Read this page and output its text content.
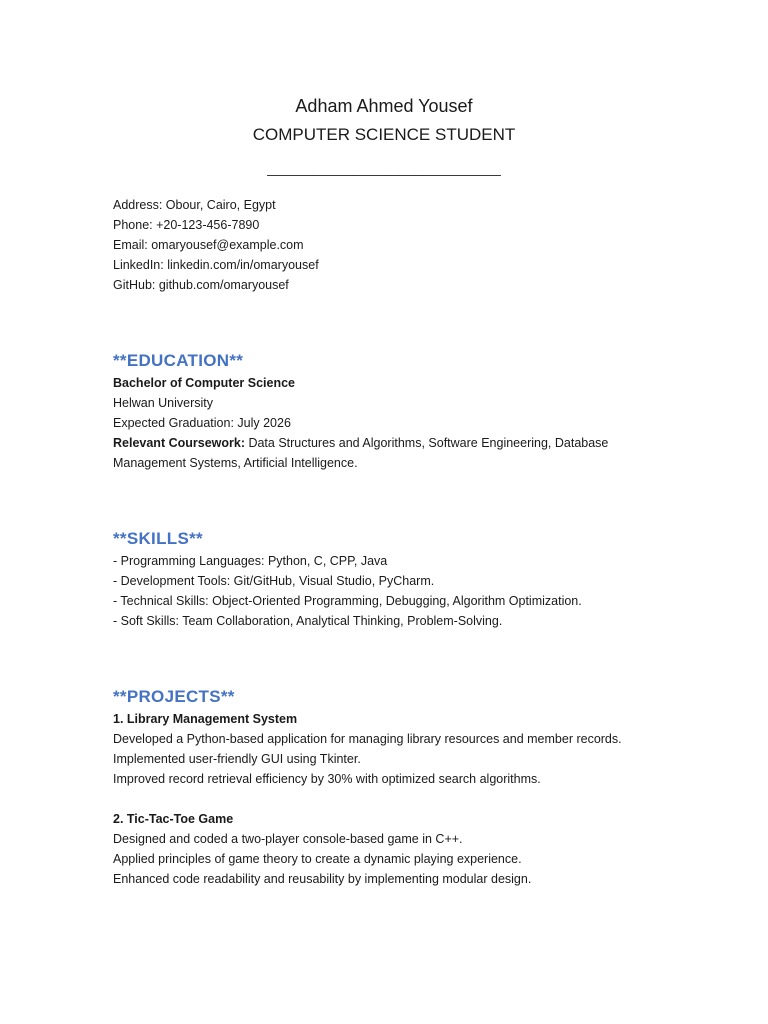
Adham Ahmed Yousef
COMPUTER SCIENCE STUDENT
______________________________
Address: Obour, Cairo, Egypt
Phone: +20-123-456-7890
Email: omaryousef@example.com
LinkedIn: linkedin.com/in/omaryousef
GitHub: github.com/omaryousef
**EDUCATION**
Bachelor of Computer Science
Helwan University
Expected Graduation: July 2026
Relevant Coursework: Data Structures and Algorithms, Software Engineering, Database
Management Systems, Artificial Intelligence.
**SKILLS**
- Programming Languages: Python, C, CPP, Java
- Development Tools: Git/GitHub, Visual Studio, PyCharm.
- Technical Skills: Object-Oriented Programming, Debugging, Algorithm Optimization.
- Soft Skills: Team Collaboration, Analytical Thinking, Problem-Solving.
**PROJECTS**
1. Library Management System
Developed a Python-based application for managing library resources and member records.
Implemented user-friendly GUI using Tkinter.
Improved record retrieval efficiency by 30% with optimized search algorithms.
2. Tic-Tac-Toe Game
Designed and coded a two-player console-based game in C++.
Applied principles of game theory to create a dynamic playing experience.
Enhanced code readability and reusability by implementing modular design.
